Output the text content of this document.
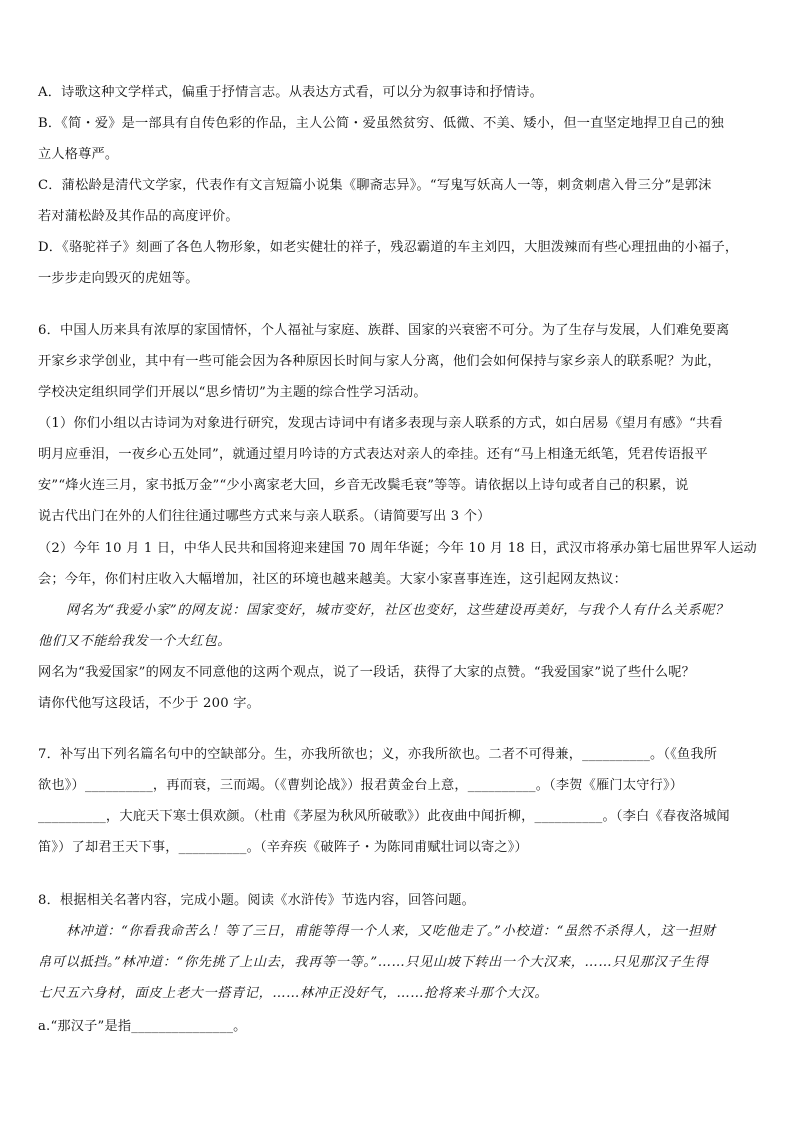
A．诗歌这种文学样式，偏重于抒情言志。从表达方式看，可以分为叙事诗和抒情诗。
B．《简・爱》是一部具有自传色彩的作品，主人公简・爱虽然贫穷、低微、不美、矮小，但一直坚定地捍卫自己的独
立人格尊严。
C．蒲松龄是清代文学家，代表作有文言短篇小说集《聊斋志异》。“写鬼写妖高人一等，刺贪刺虐入骨三分”是郭沫
若对蒲松龄及其作品的高度评价。
D．《骆驼祥子》刻画了各色人物形象，如老实健壮的祥子，残忍霸道的车主刘四，大胆泼辣而有些心理扭曲的小福子，
一步步走向毁灭的虎妞等。
6．中国人历来具有浓厚的家国情怀，个人福祉与家庭、族群、国家的兴衰密不可分。为了生存与发展，人们难免要离
开家乡求学创业，其中有一些可能会因为各种原因长时间与家人分离，他们会如何保持与家乡亲人的联系呢？为此，
学校决定组织同学们开展以“思乡情切”为主题的综合性学习活动。
（1）你们小组以古诗词为对象进行研究，发现古诗词中有诸多表现与亲人联系的方式，如白居易《望月有感》“共看
明月应垂泪，一夜乡心五处同”，就通过望月吟诗的方式表达对亲人的牵挂。还有“马上相逢无纸笔，凭君传语报平
安”“烽火连三月，家书抵万金”“少小离家老大回，乡音无改鬓毛衰”等等。请依据以上诗句或者自己的积累，说
说古代出门在外的人们往往通过哪些方式来与亲人联系。（请简要写出 3 个）
（2）今年 10 月 1 日，中华人民共和国将迎来建国 70 周年华诞；今年 10 月 18 日，武汉市将承办第七届世界军人运动
会；今年，你们村庄收入大幅增加，社区的环境也越来越美。大家小家喜事连连，这引起网友热议：
网名为“我爱小家”的网友说：国家变好，城市变好，社区也变好，这些建设再美好，与我个人有什么关系呢？
他们又不能给我发一个大红包。
网名为“我爱国家”的网友不同意他的这两个观点，说了一段话，获得了大家的点赞。“我爱国家”说了些什么呢？
请你代他写这段话，不少于 200 字。
7．补写出下列名篇名句中的空缺部分。生，亦我所欲也；义，亦我所欲也。二者不可得兼，__________。（《鱼我所
欲也》）__________，再而衰，三而竭。（《曹刿论战》）报君黄金台上意，__________。（李贺《雁门太守行》）
__________，大庇天下寒士俱欢颜。（杜甫《茅屋为秋风所破歌》）此夜曲中闻折柳，__________。（李白《春夜洛城闻
笛》）了却君王天下事，__________。（辛弃疾《破阵子・为陈同甫赋壮词以寄之》）
8．根据相关名著内容，完成小题。阅读《水浒传》节选内容，回答问题。
林冲道：“你看我命苦么！等了三日，甫能等得一个人来，又吃他走了。”小校道：“虽然不杀得人，这一担财
帛可以抵挡。”林冲道：“你先挑了上山去，我再等一等。”……只见山坡下转出一个大汉来，……只见那汉子生得
七尺五六身材，面皮上老大一搭青记，……林冲正没好气，……抢将来斗那个大汉。
a.“那汉子”是指_______________。
